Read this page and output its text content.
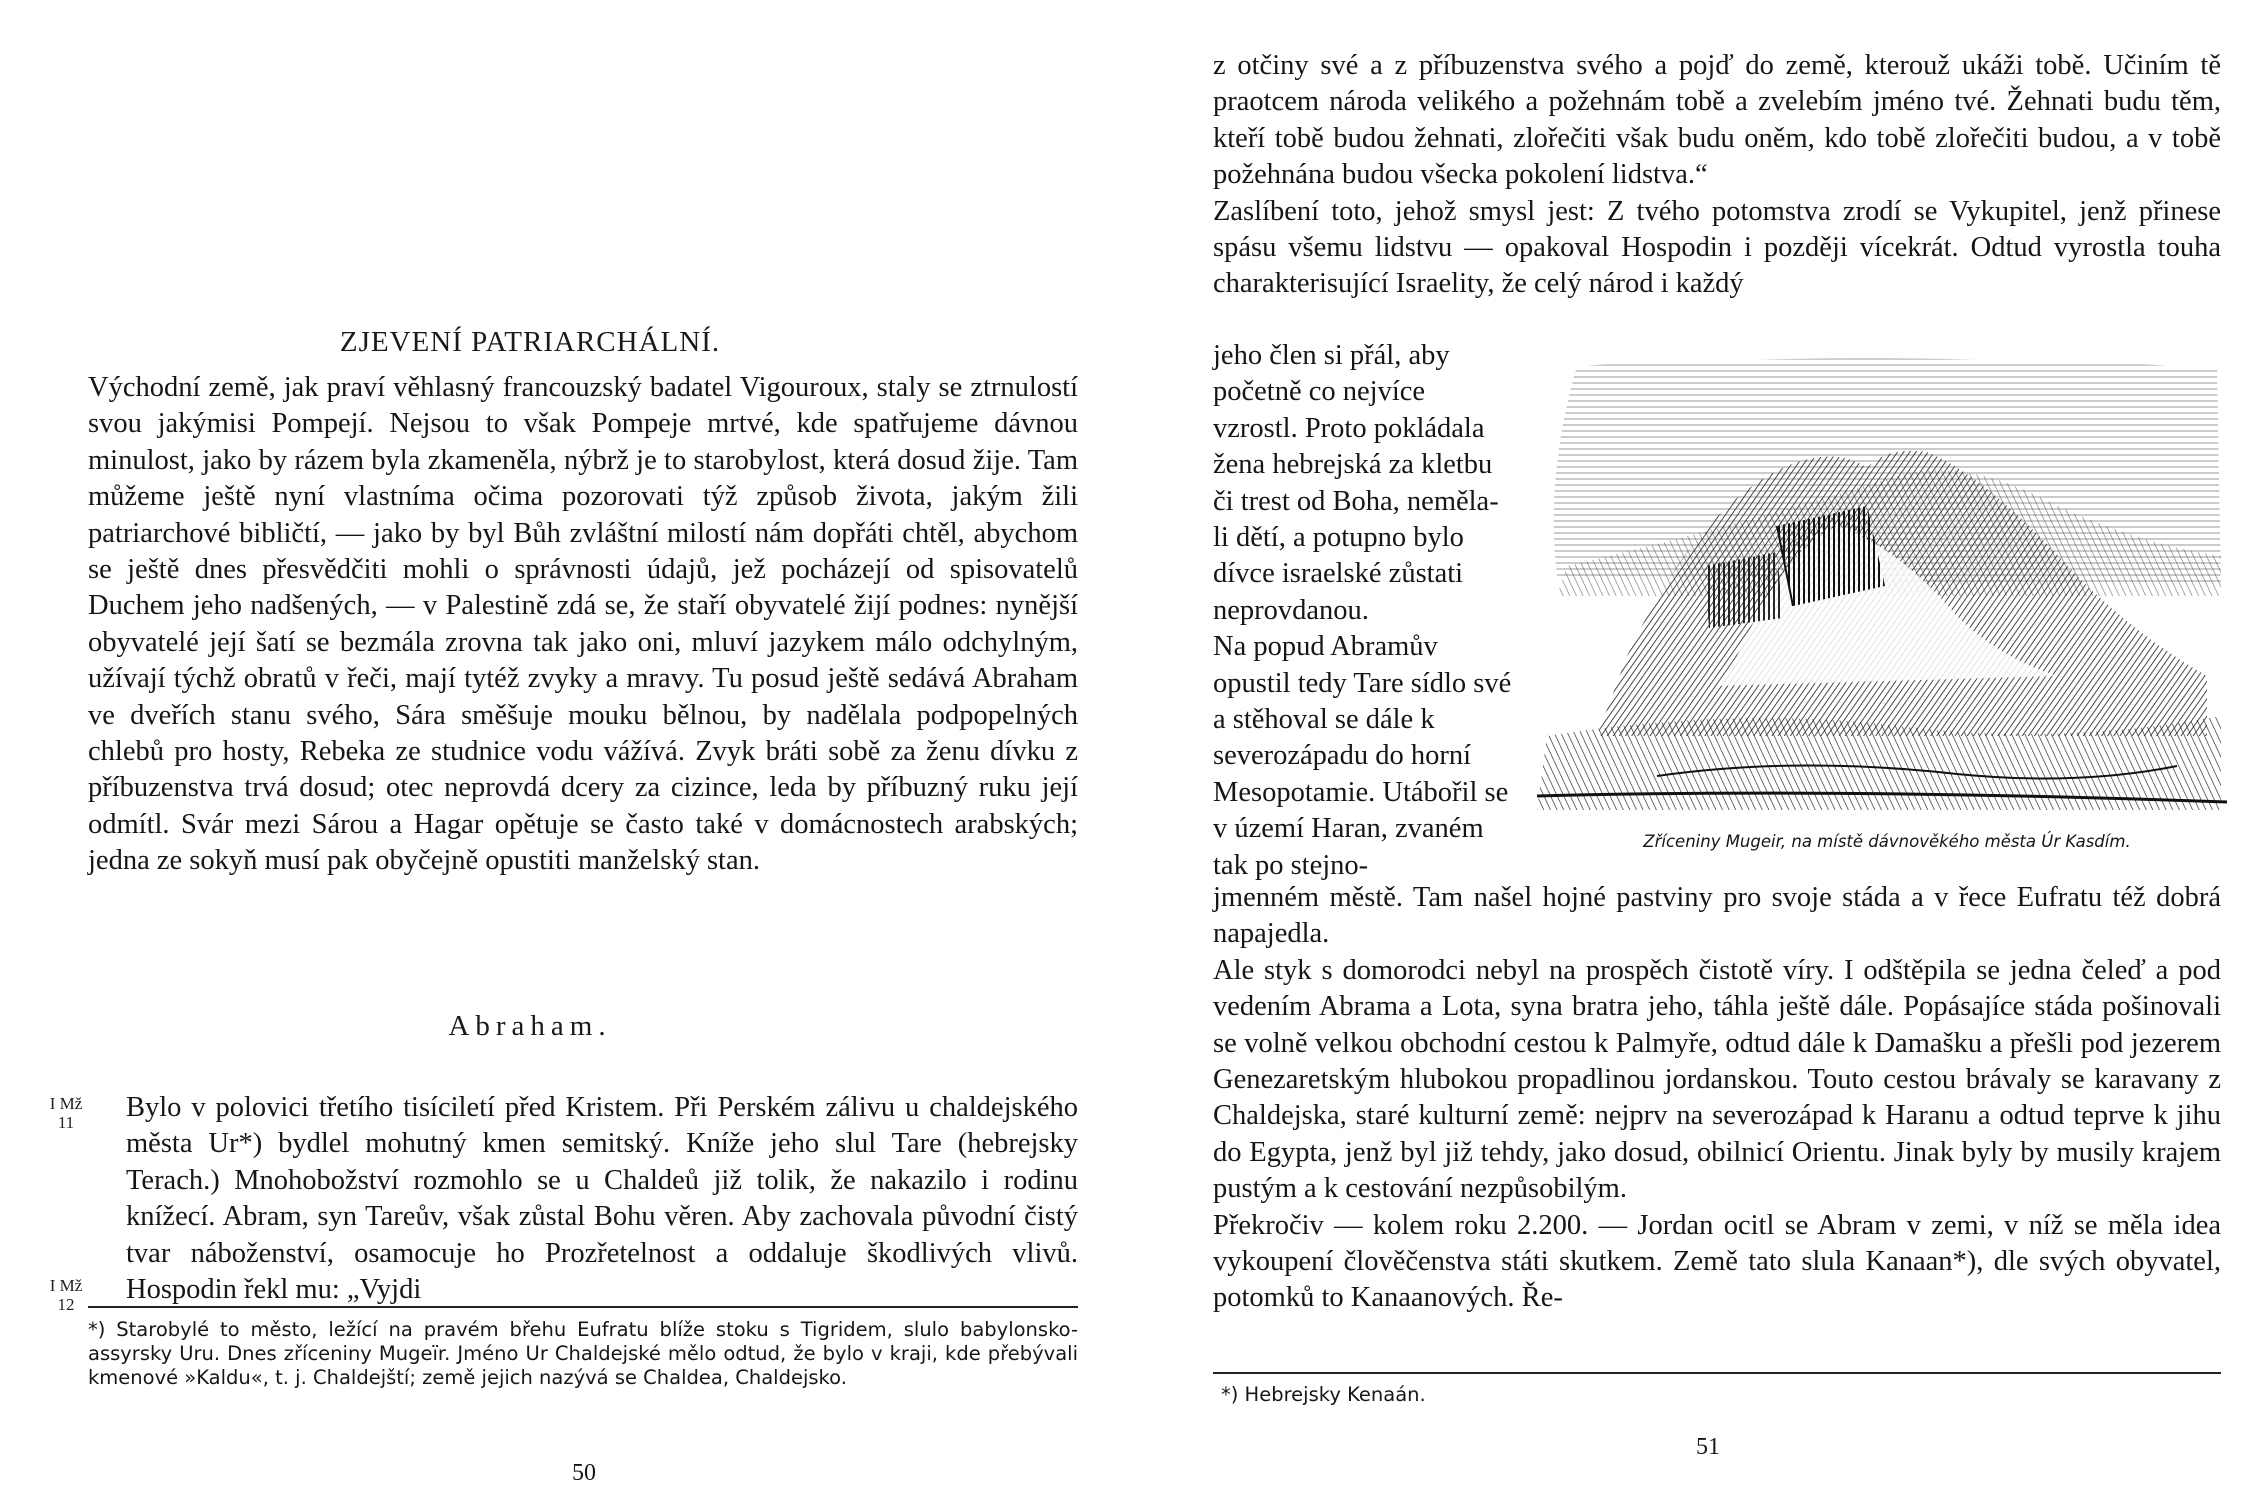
ZJEVENÍ PATRIARCHÁLNÍ.

Východní země, jak praví věhlasný francouzský badatel Vigouroux, staly se ztrnulostí svou jakýmisi Pompejí. Nejsou to však Pompeje mrtvé, kde spatřujeme dávnou minulost, jako by rázem byla zkameněla, nýbrž je to starobylost, která dosud žije. Tam můžeme ještě nyní vlastníma očima pozorovati týž způsob života, jakým žili patriarchové bibličtí, — jako by byl Bůh zvláštní milostí nám dopřáti chtěl, abychom se ještě dnes přesvědčiti mohli o správnosti údajů, jež pocházejí od spisovatelů Duchem jeho nadšených, — v Palestině zdá se, že staří obyvatelé žijí podnes: nynější obyvatelé její šatí se bezmála zrovna tak jako oni, mluví jazykem málo odchylným, užívají týchž obratů v řeči, mají tytéž zvyky a mravy. Tu posud ještě sedává Abraham ve dveřích stanu svého, Sára směšuje mouku bělnou, by nadělala podpopelných chlebů pro hosty, Rebeka ze studnice vodu vážívá. Zvyk bráti sobě za ženu dívku z příbuzenstva trvá dosud; otec neprovdá dcery za cizince, leda by příbuzný ruku její odmítl. Svár mezi Sárou a Hagar opětuje se často také v domácnostech arabských; jedna ze sokyň musí pak obyčejně opustiti manželský stan.

Abraham.
I Mž
11
I Mž
12

Bylo v polovici třetího tisíciletí před Kristem. Při Perském zálivu u chaldejského města Ur*) bydlel mohutný kmen semitský. Kníže jeho slul Tare (hebrejsky Terach.) Mnohobožství rozmohlo se u Chaldeů již tolik, že nakazilo i rodinu knížecí. Abram, syn Tareův, však zůstal Bohu věren. Aby zachovala původní čistý tvar náboženství, osamocuje ho Prozřetelnost a oddaluje škodlivých vlivů. Hospodin řekl mu: „Vyjdi

*) Starobylé to město, ležící na pravém břehu Eufratu blíže stoku s Tigridem, slulo babylonsko-assyrsky Uru. Dnes zříceniny Mugeïr. Jméno Ur Chaldejské mělo odtud, že bylo v kraji, kde přebývali kmenové »Kaldu«, t. j. Chaldejští; země jejich nazývá se Chaldea, Chaldejsko.

50

z otčiny své a z příbuzenstva svého a pojď do země, kterouž ukáži tobě. Učiním tě praotcem národa velikého a požehnám tobě a zvelebím jméno tvé. Žehnati budu těm, kteří tobě budou žehnati, zlořečiti však budu oněm, kdo tobě zlořečiti budou, a v tobě požehnána budou všecka pokolení lidstva.“
Zaslíbení toto, jehož smysl jest: Z tvého potomstva zrodí se Vykupitel, jenž přinese spásu všemu lidstvu — opakoval Hospodin i později vícekrát. Odtud vyrostla touha charakterisující Israelity, že celý národ i každý

jeho člen si přál, aby početně co nejvíce vzrostl. Proto pokládala žena hebrejská za kletbu či trest od Boha, neměla-li dětí, a potupno bylo dívce israelské zůstati neprovdanou.
Na popud Abramův opustil tedy Tare sídlo své a stěhoval se dále k severozápadu do horní Mesopotamie. Utábořil se v území Haran, zvaném tak po stejno-

Zříceniny Mugeir, na místě dávnověkého města Úr Kasdím.

jmenném městě. Tam našel hojné pastviny pro svoje stáda a v řece Eufratu též dobrá napajedla.
Ale styk s domorodci nebyl na prospěch čistotě víry. I odštěpila se jedna čeleď a pod vedením Abrama a Lota, syna bratra jeho, táhla ještě dále. Popásajíce stáda pošinovali se volně velkou obchodní cestou k Palmyře, odtud dále k Damašku a přešli pod jezerem Genezaretským hlubokou propadlinou jordanskou. Touto cestou brávaly se karavany z Chaldejska, staré kulturní země: nejprv na severozápad k Haranu a odtud teprve k jihu do Egypta, jenž byl již tehdy, jako dosud, obilnicí Orientu. Jinak byly by musily krajem pustým a k cestování nezpůsobilým.
Překročiv — kolem roku 2.200. — Jordan ocitl se Abram v zemi, v níž se měla idea vykoupení člověčenstva státi skutkem. Země tato slula Kanaan*), dle svých obyvatel, potomků to Kanaanových. Ře-

*) Hebrejsky Kenaán.

51
